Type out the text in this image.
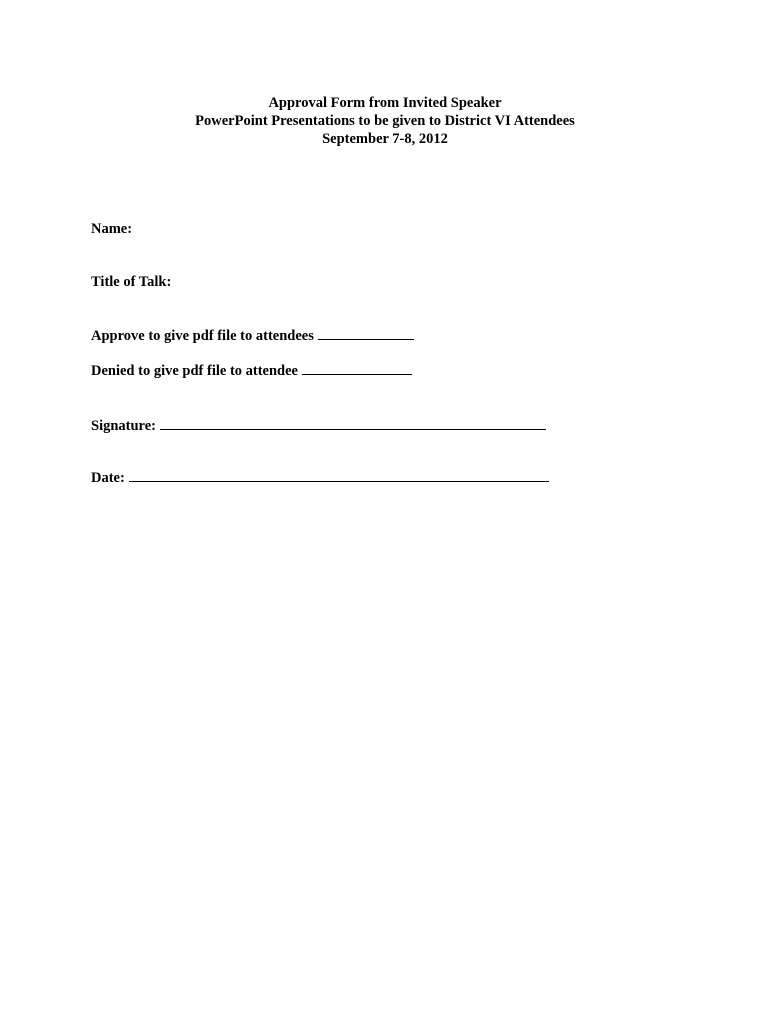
Approval Form from Invited Speaker
PowerPoint Presentations to be given to District VI Attendees
September 7-8, 2012
Name:
Title of Talk:
Approve to give pdf file to attendees
Denied to give pdf file to attendee
Signature:
Date:
